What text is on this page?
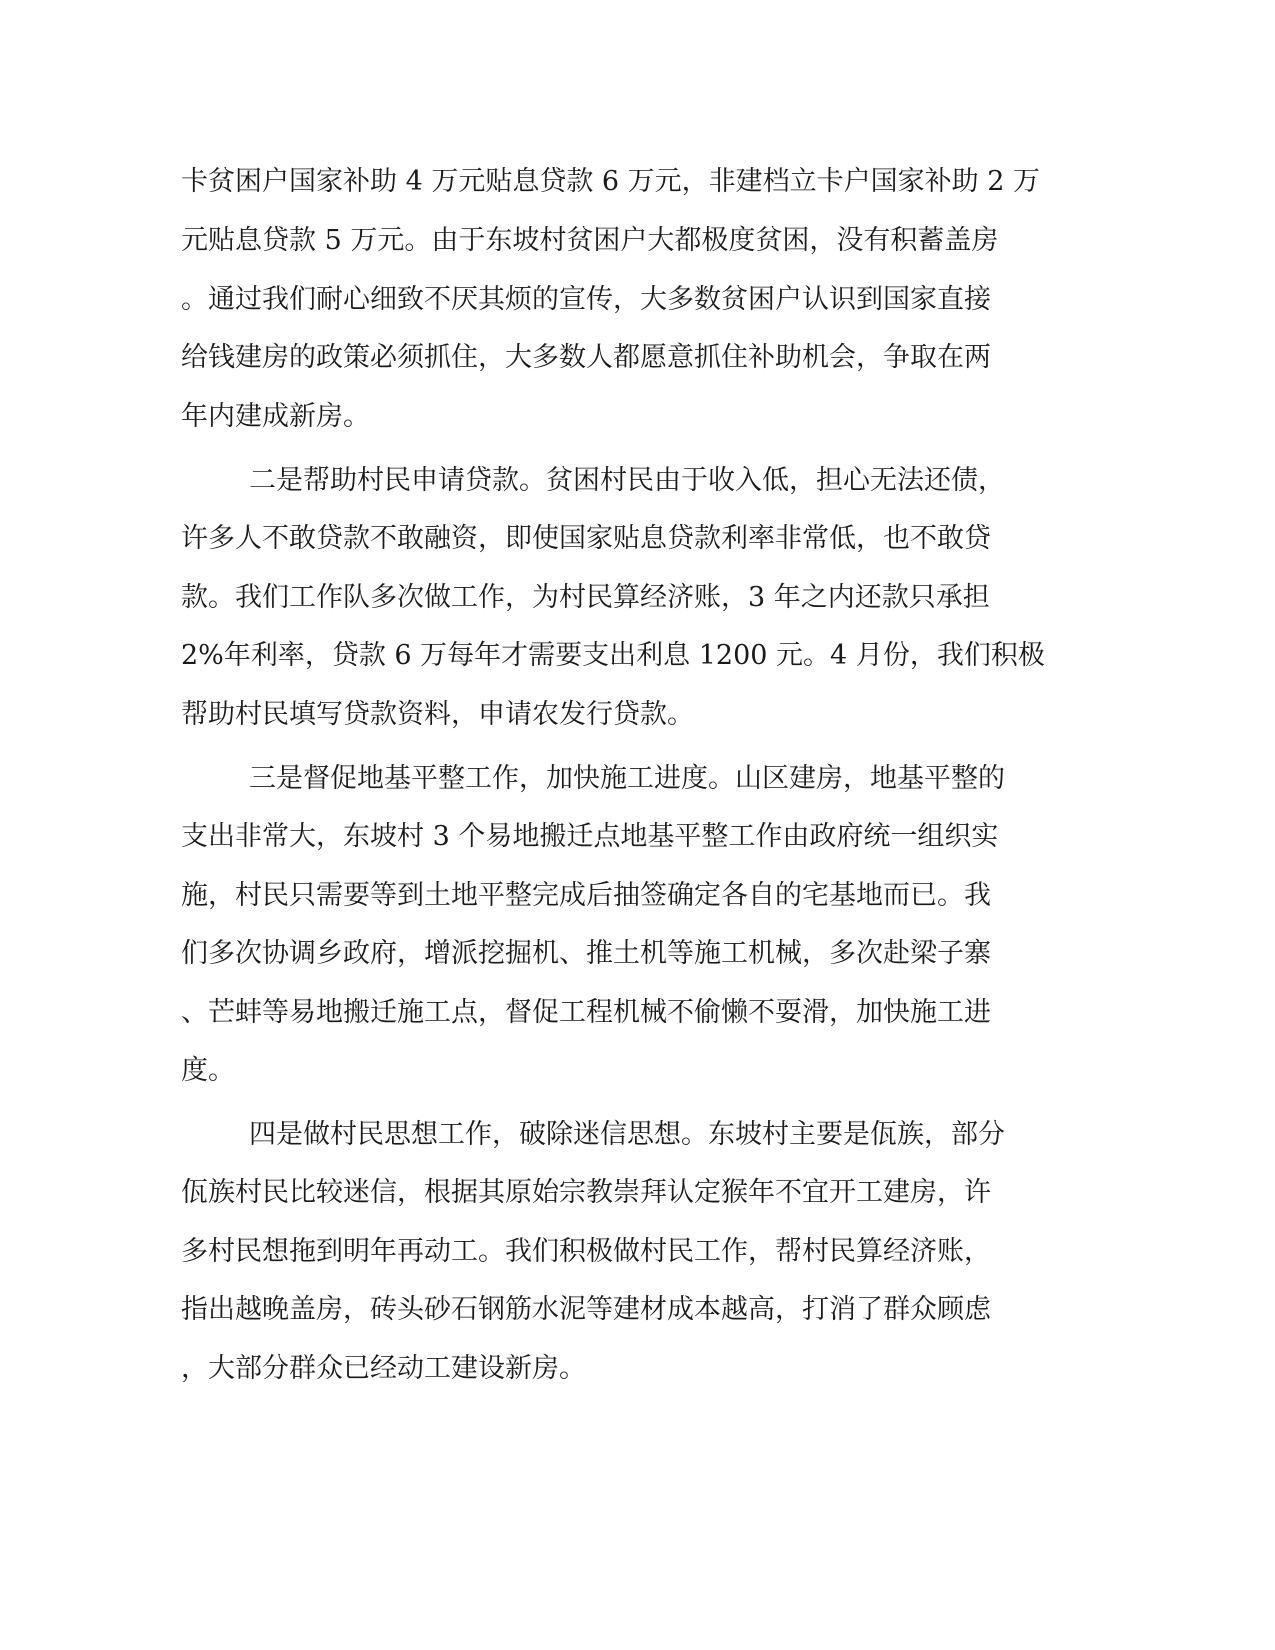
卡贫困户国家补助 4 万元贴息贷款 6 万元，非建档立卡户国家补助 2 万
元贴息贷款 5 万元。由于东坡村贫困户大都极度贫困，没有积蓄盖房
。通过我们耐心细致不厌其烦的宣传，大多数贫困户认识到国家直接
给钱建房的政策必须抓住，大多数人都愿意抓住补助机会，争取在两
年内建成新房。
二是帮助村民申请贷款。贫困村民由于收入低，担心无法还债，
许多人不敢贷款不敢融资，即使国家贴息贷款利率非常低，也不敢贷
款。我们工作队多次做工作，为村民算经济账，3 年之内还款只承担
2%年利率，贷款 6 万每年才需要支出利息 1200 元。4 月份，我们积极
帮助村民填写贷款资料，申请农发行贷款。
三是督促地基平整工作，加快施工进度。山区建房，地基平整的
支出非常大，东坡村 3 个易地搬迁点地基平整工作由政府统一组织实
施，村民只需要等到土地平整完成后抽签确定各自的宅基地而已。我
们多次协调乡政府，增派挖掘机、推土机等施工机械，多次赴梁子寨
、芒蚌等易地搬迁施工点，督促工程机械不偷懒不耍滑，加快施工进
度。
四是做村民思想工作，破除迷信思想。东坡村主要是佤族，部分
佤族村民比较迷信，根据其原始宗教崇拜认定猴年不宜开工建房，许
多村民想拖到明年再动工。我们积极做村民工作，帮村民算经济账，
指出越晚盖房，砖头砂石钢筋水泥等建材成本越高，打消了群众顾虑
，大部分群众已经动工建设新房。
